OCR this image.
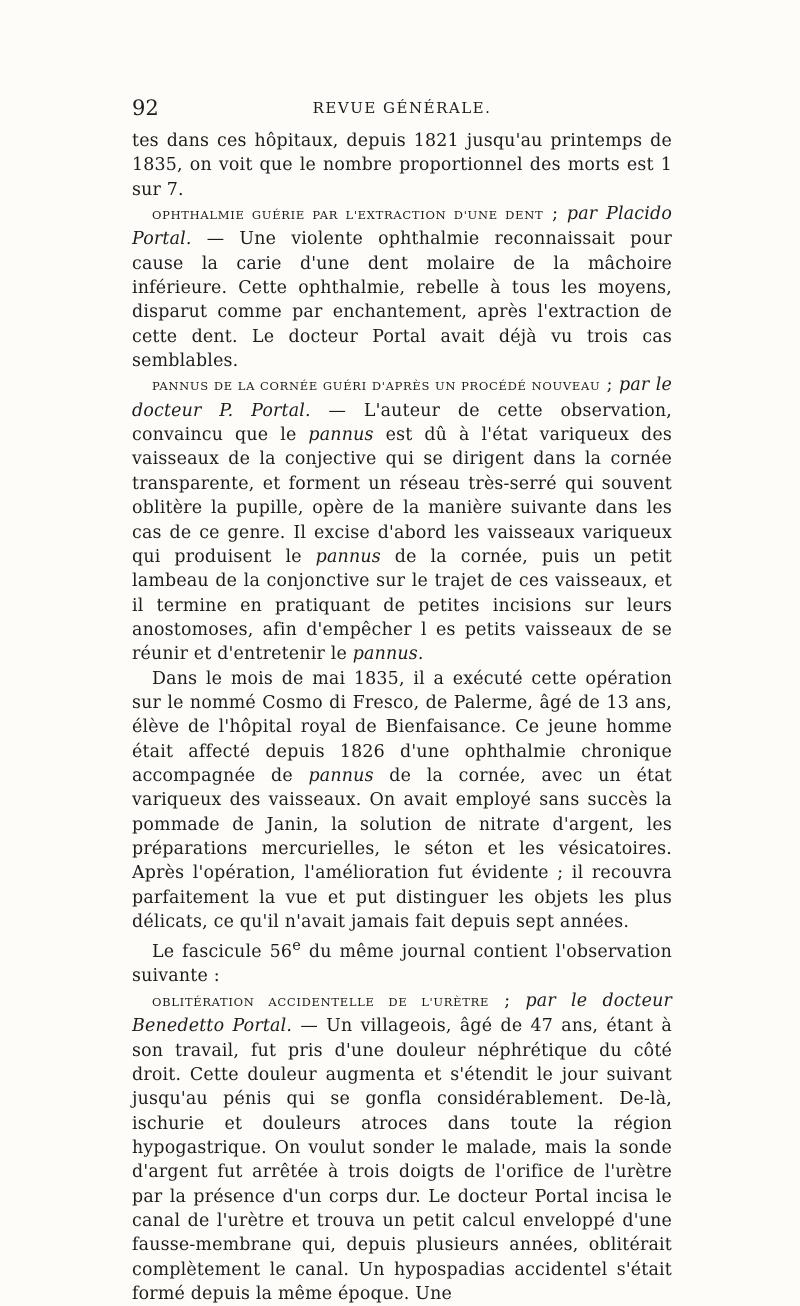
92	REVUE GÉNÉRALE.

tes dans ces hôpitaux, depuis 1821 jusqu'au printemps de 1835, on voit que le nombre proportionnel des morts est 1 sur 7.

OPHTHALMIE GUÉRIE PAR L'EXTRACTION D'UNE DENT ; par Placido Portal. — Une violente ophthalmie reconnaissait pour cause la carie d'une dent molaire de la mâchoire inférieure. Cette ophthalmie, rebelle à tous les moyens, disparut comme par enchantement, après l'extraction de cette dent. Le docteur Portal avait déjà vu trois cas semblables.

PANNUS DE LA CORNÉE GUÉRI D'APRÈS UN PROCÉDÉ NOUVEAU ; par le docteur P. Portal. — L'auteur de cette observation, convaincu que le pannus est dû à l'état variqueux des vaisseaux de la conjective qui se dirigent dans la cornée transparente, et forment un réseau très-serré qui souvent oblitère la pupille, opère de la manière suivante dans les cas de ce genre. Il excise d'abord les vaisseaux variqueux qui produisent le pannus de la cornée, puis un petit lambeau de la conjonctive sur le trajet de ces vaisseaux, et il termine en pratiquant de petites incisions sur leurs anostomoses, afin d'empêcher l es petits vaisseaux de se réunir et d'entretenir le pannus.

Dans le mois de mai 1835, il a exécuté cette opération sur le nommé Cosmo di Fresco, de Palerme, âgé de 13 ans, élève de l'hôpital royal de Bienfaisance. Ce jeune homme était affecté depuis 1826 d'une ophthalmie chronique accompagnée de pannus de la cornée, avec un état variqueux des vaisseaux. On avait employé sans succès la pommade de Janin, la solution de nitrate d'argent, les préparations mercurielles, le séton et les vésicatoires. Après l'opération, l'amélioration fut évidente ; il recouvra parfaitement la vue et put distinguer les objets les plus délicats, ce qu'il n'avait jamais fait depuis sept années.

Le fascicule 56e du même journal contient l'observation suivante :

OBLITÉRATION ACCIDENTELLE DE L'URÈTRE ; par le docteur Benedetto Portal. — Un villageois, âgé de 47 ans, étant à son travail, fut pris d'une douleur néphrétique du côté droit. Cette douleur augmenta et s'étendit le jour suivant jusqu'au pénis qui se gonfla considérablement. De-là, ischurie et douleurs atroces dans toute la région hypogastrique. On voulut sonder le malade, mais la sonde d'argent fut arrêtée à trois doigts de l'orifice de l'urètre par la présence d'un corps dur. Le docteur Portal incisa le canal de l'urètre et trouva un petit calcul enveloppé d'une fausse-membrane qui, depuis plusieurs années, oblitérait complètement le canal. Un hypospadias accidentel s'était formé depuis la même époque. Une
